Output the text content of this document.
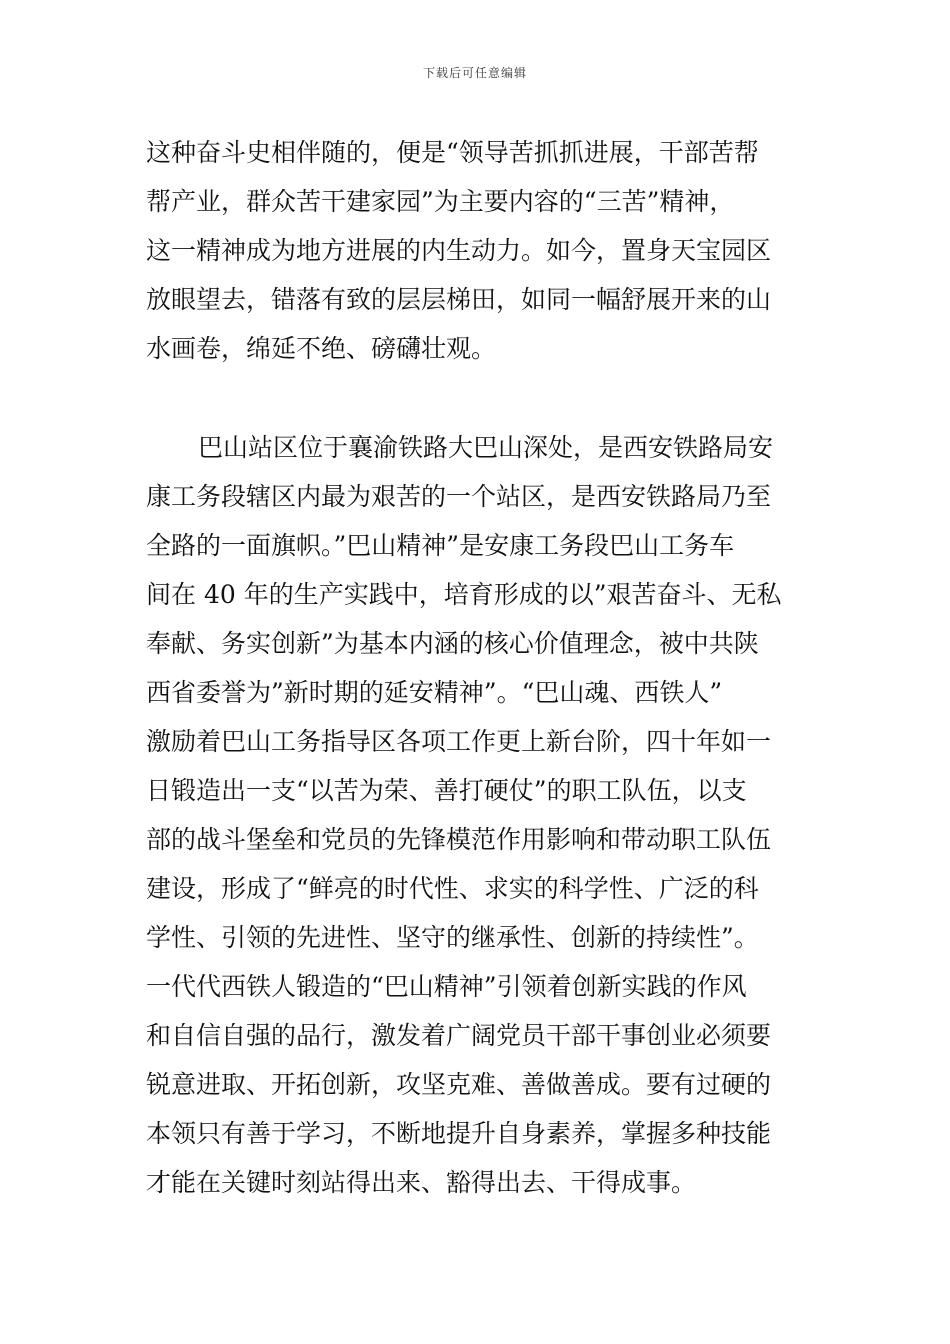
下载后可任意编辑
这种奋斗史相伴随的，便是“领导苦抓抓进展，干部苦帮
帮产业，群众苦干建家园”为主要内容的“三苦”精神，
这一精神成为地方进展的内生动力。如今，置身天宝园区
放眼望去，错落有致的层层梯田，如同一幅舒展开来的山
水画卷，绵延不绝、磅礴壮观。
巴山站区位于襄渝铁路大巴山深处，是西安铁路局安
康工务段辖区内最为艰苦的一个站区，是西安铁路局乃至
全路的一面旗帜。”巴山精神”是安康工务段巴山工务车
间在 40 年的生产实践中，培育形成的以”艰苦奋斗、无私
奉献、务实创新”为基本内涵的核心价值理念，被中共陕
西省委誉为”新时期的延安精神”。“巴山魂、西铁人”
激励着巴山工务指导区各项工作更上新台阶，四十年如一
日锻造出一支“以苦为荣、善打硬仗”的职工队伍，以支
部的战斗堡垒和党员的先锋模范作用影响和带动职工队伍
建设，形成了“鲜亮的时代性、求实的科学性、广泛的科
学性、引领的先进性、坚守的继承性、创新的持续性”。
一代代西铁人锻造的“巴山精神”引领着创新实践的作风
和自信自强的品行，激发着广阔党员干部干事创业必须要
锐意进取、开拓创新，攻坚克难、善做善成。要有过硬的
本领只有善于学习，不断地提升自身素养，掌握多种技能
才能在关键时刻站得出来、豁得出去、干得成事。
